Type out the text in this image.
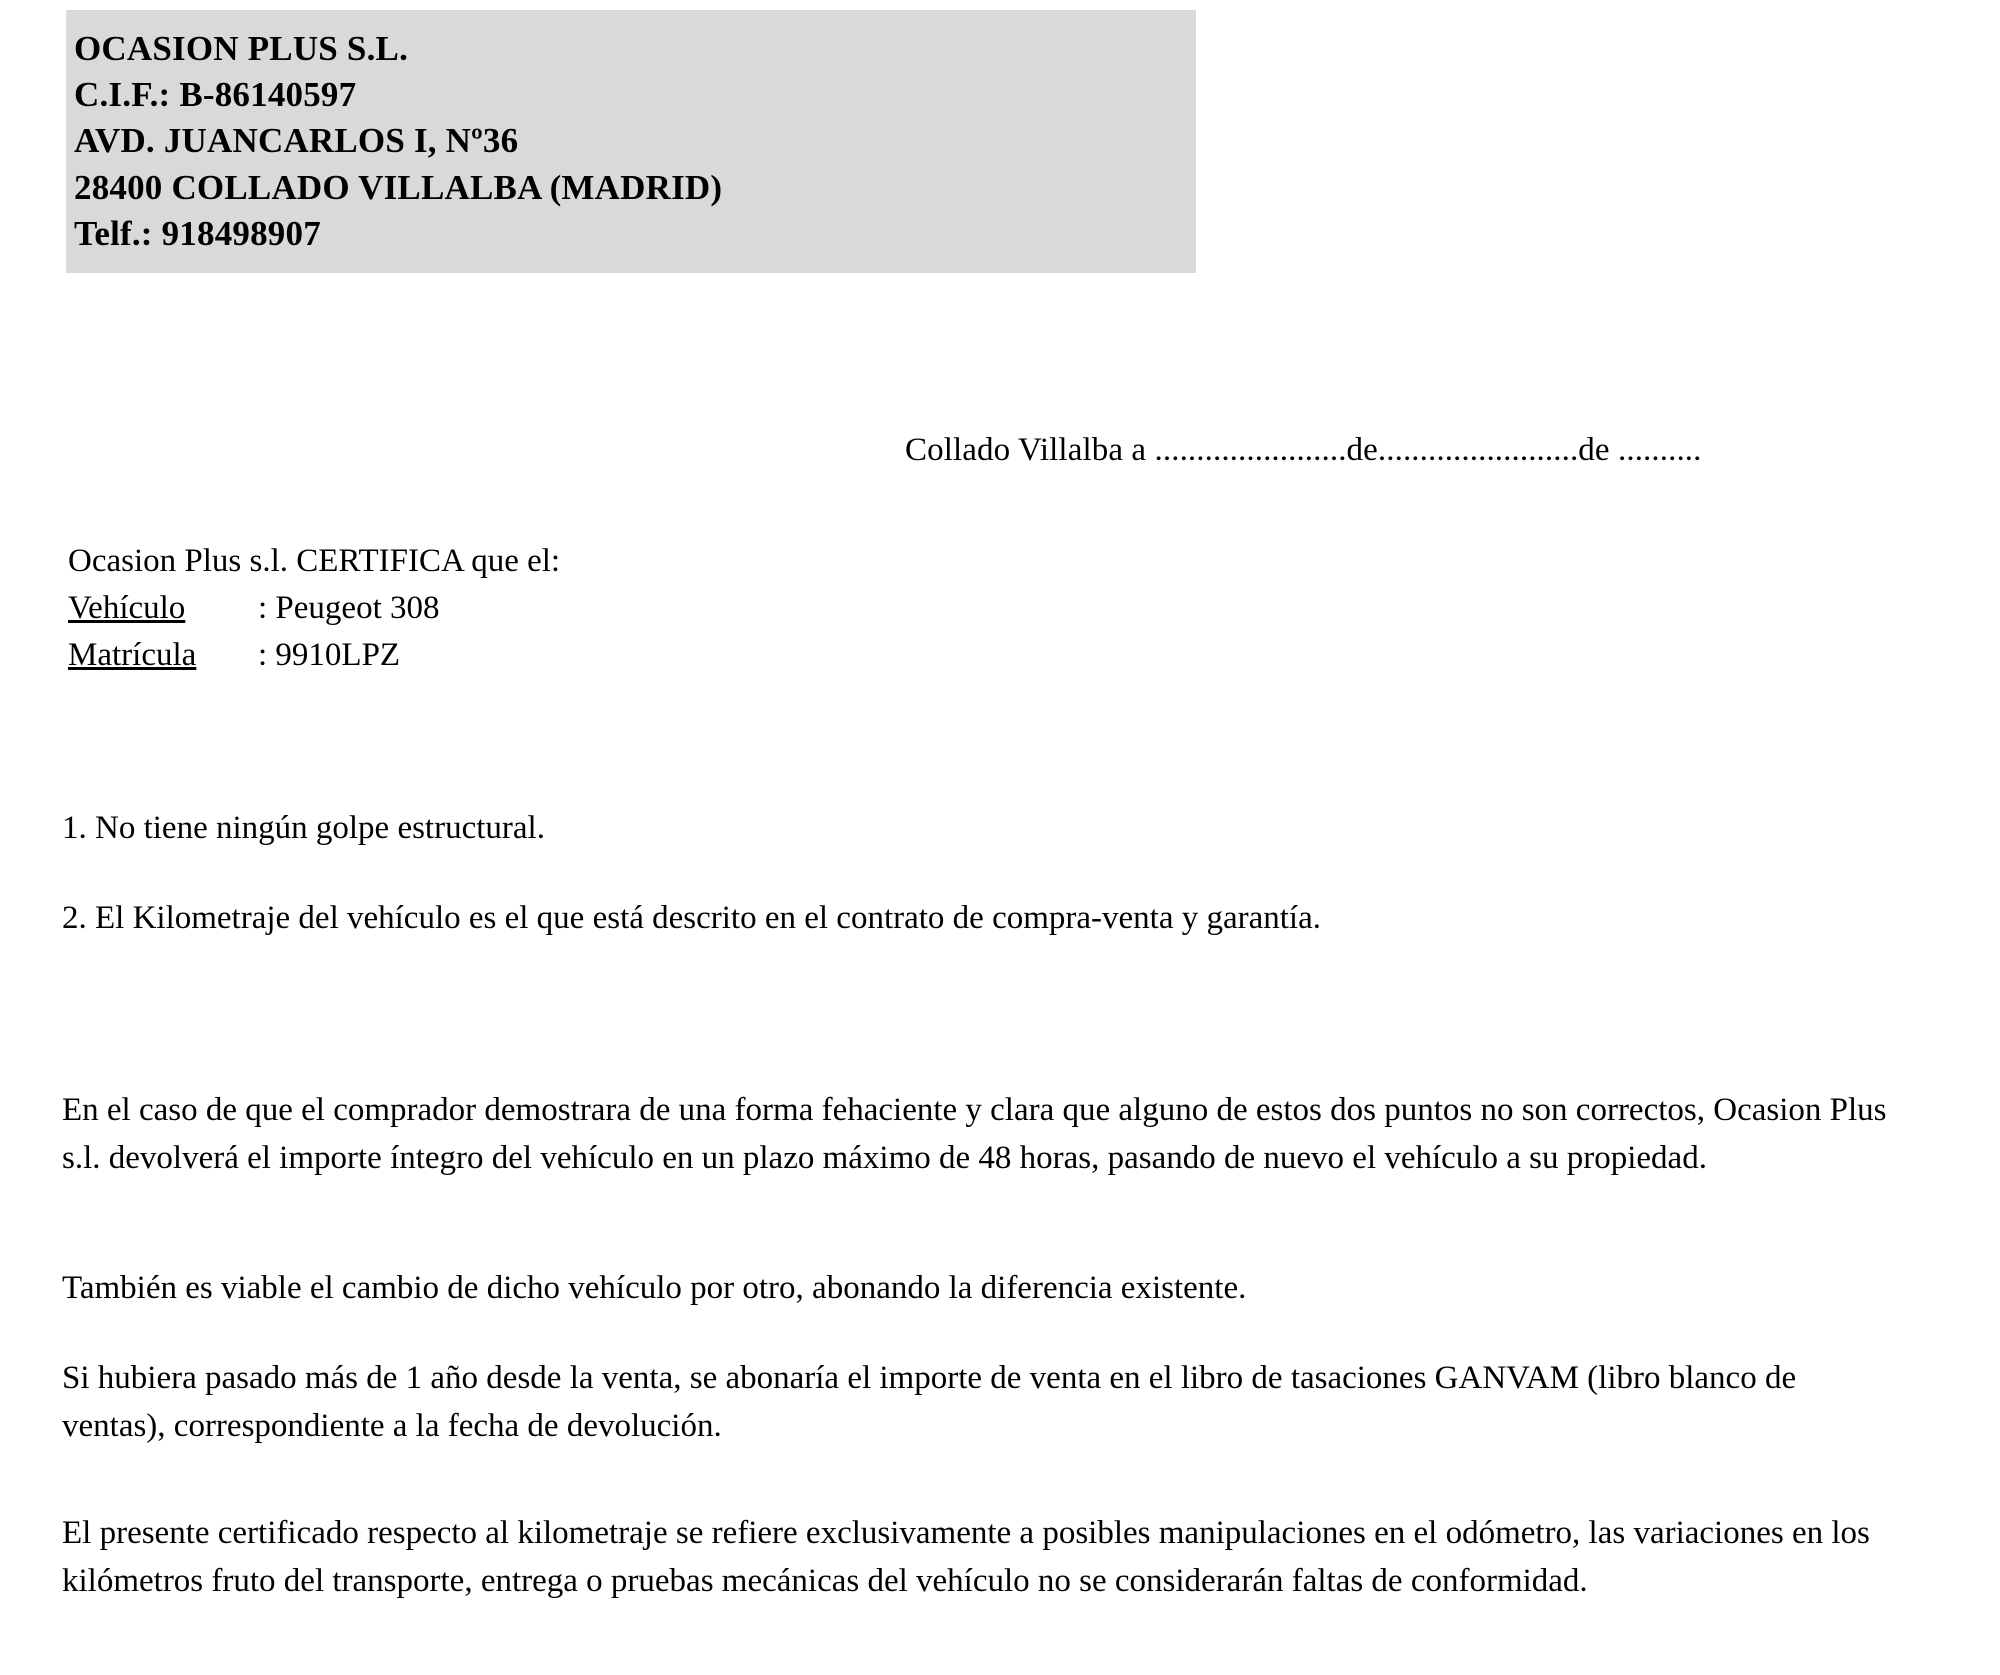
OCASION PLUS S.L.
C.I.F.: B-86140597
AVD. JUANCARLOS I, Nº36
28400 COLLADO VILLALBA (MADRID)
Telf.: 918498907
Collado Villalba a .......................de........................de ..........
Ocasion Plus s.l. CERTIFICA que el:
Vehículo : Peugeot 308
Matrícula : 9910LPZ
1. No tiene ningún golpe estructural.
2. El Kilometraje del vehículo es el que está descrito en el contrato de compra-venta y garantía.
En el caso de que el comprador demostrara de una forma fehaciente y clara que alguno de estos dos puntos no son correctos, Ocasion Plus s.l. devolverá el importe íntegro del vehículo en un plazo máximo de 48 horas, pasando de nuevo el vehículo a su propiedad.
También es viable el cambio de dicho vehículo por otro, abonando la diferencia existente.
Si hubiera pasado más de 1 año desde la venta, se abonaría el importe de venta en el libro de tasaciones GANVAM (libro blanco de ventas), correspondiente a la fecha de devolución.
El presente certificado respecto al kilometraje se refiere exclusivamente a posibles manipulaciones en el odómetro, las variaciones en los kilómetros fruto del transporte, entrega o pruebas mecánicas del vehículo no se considerarán faltas de conformidad.
